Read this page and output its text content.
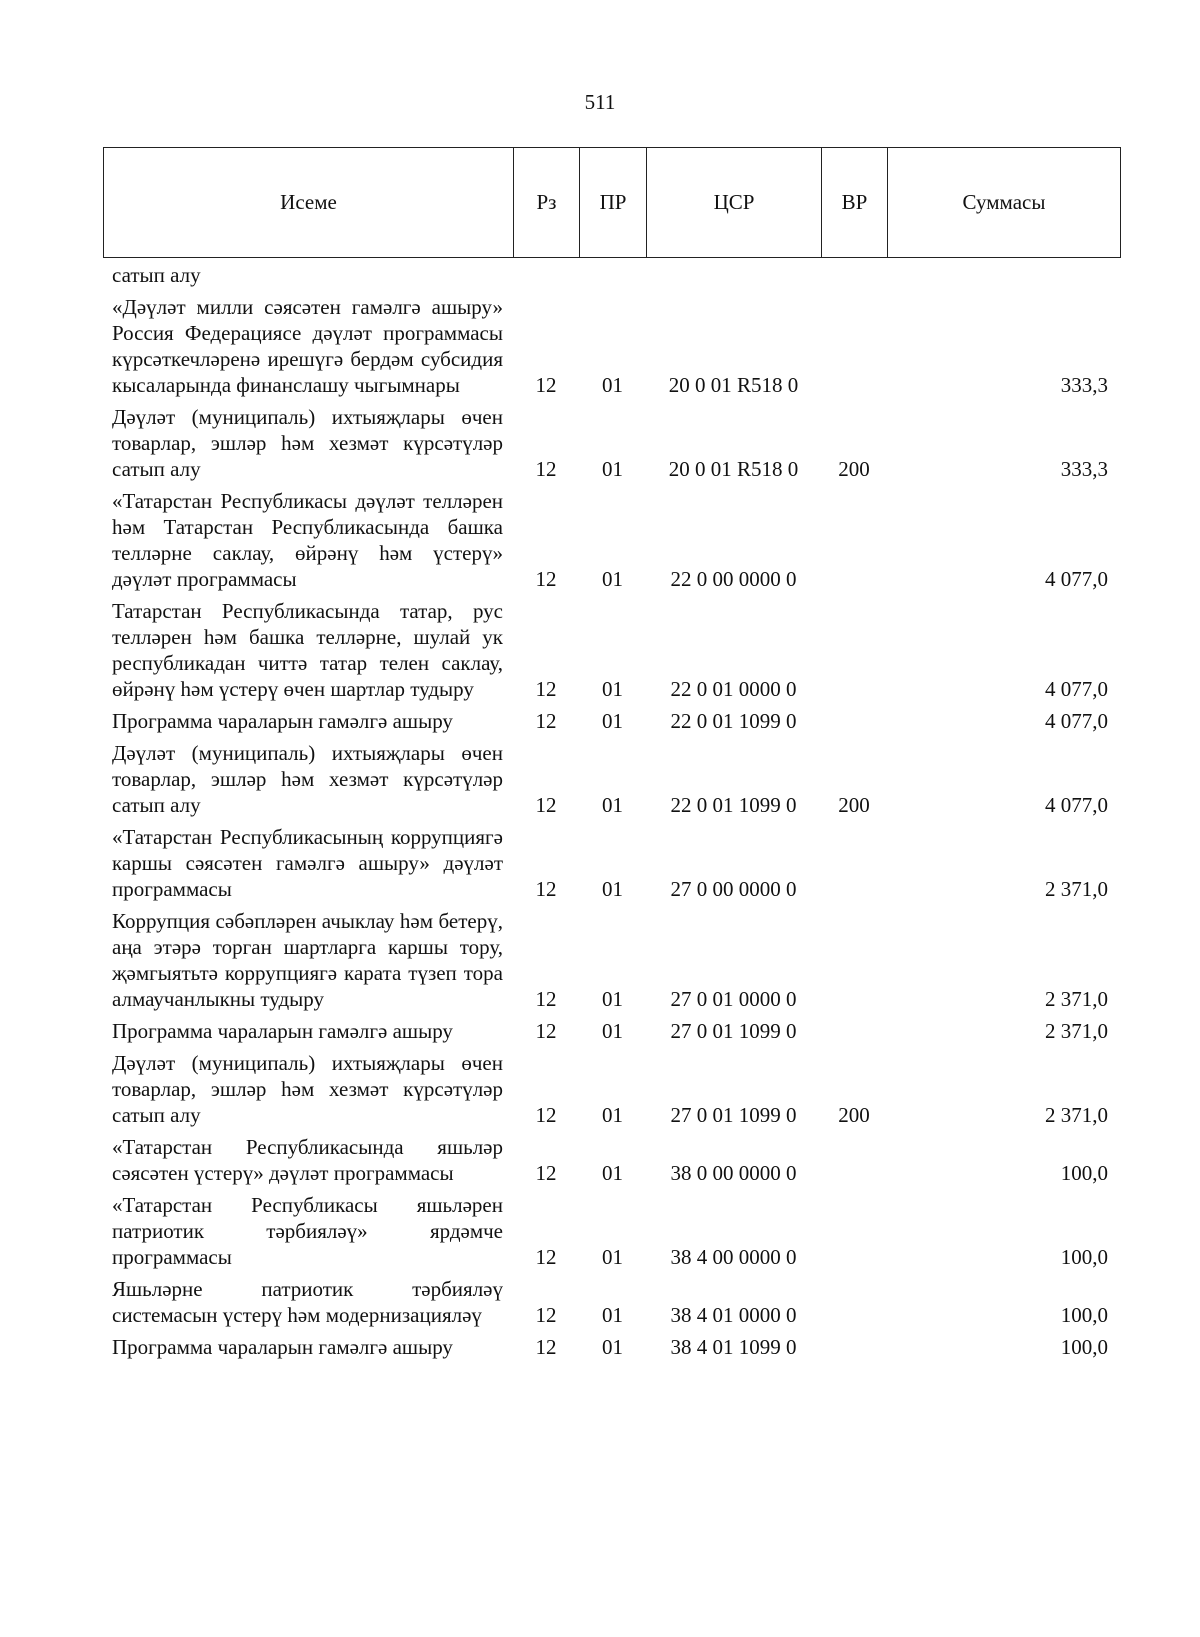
511
Исеме	Рз	ПР	ЦСР	ВР	Суммасы
сатып алу					
«Дәүләт милли сәясәтен гамәлгә ашыру» Россия Федерациясе дәүләт программасы күрсәткечләренә ирешүгә бердәм субсидия кысаларында финанслашу чыгымнары	12	01	20 0 01 R518 0		333,3
Дәүләт (муниципаль) ихтыяҗлары өчен товарлар, эшләр һәм хезмәт күрсәтүләр сатып алу	12	01	20 0 01 R518 0	200	333,3
«Татарстан Республикасы дәүләт телләрен һәм Татарстан Республикасында башка телләрне саклау, өйрәнү һәм үстерү» дәүләт программасы	12	01	22 0 00 0000 0		4 077,0
Татарстан Республикасында татар, рус телләрен һәм башка телләрне, шулай ук республикадан читтә татар телен саклау, өйрәнү һәм үстерү өчен шартлар тудыру	12	01	22 0 01 0000 0		4 077,0
Программа чараларын гамәлгә ашыру	12	01	22 0 01 1099 0		4 077,0
Дәүләт (муниципаль) ихтыяҗлары өчен товарлар, эшләр һәм хезмәт күрсәтүләр сатып алу	12	01	22 0 01 1099 0	200	4 077,0
«Татарстан Республикасының коррупциягә каршы сәясәтен гамәлгә ашыру» дәүләт программасы	12	01	27 0 00 0000 0		2 371,0
Коррупция сәбәпләрен ачыклау һәм бетерү, аңа этәрә торган шартларга каршы тору, җәмгыятьтә коррупциягә карата түзеп тора алмаучанлыкны тудыру	12	01	27 0 01 0000 0		2 371,0
Программа чараларын гамәлгә ашыру	12	01	27 0 01 1099 0		2 371,0
Дәүләт (муниципаль) ихтыяҗлары өчен товарлар, эшләр һәм хезмәт күрсәтүләр сатып алу	12	01	27 0 01 1099 0	200	2 371,0
«Татарстан Республикасында яшьләр сәясәтен үстерү» дәүләт программасы	12	01	38 0 00 0000 0		100,0
«Татарстан Республикасы яшьләрен патриотик тәрбияләү» ярдәмче программасы	12	01	38 4 00 0000 0		100,0
Яшьләрне патриотик тәрбияләү системасын үстерү һәм модернизацияләү	12	01	38 4 01 0000 0		100,0
Программа чараларын гамәлгә ашыру	12	01	38 4 01 1099 0		100,0
